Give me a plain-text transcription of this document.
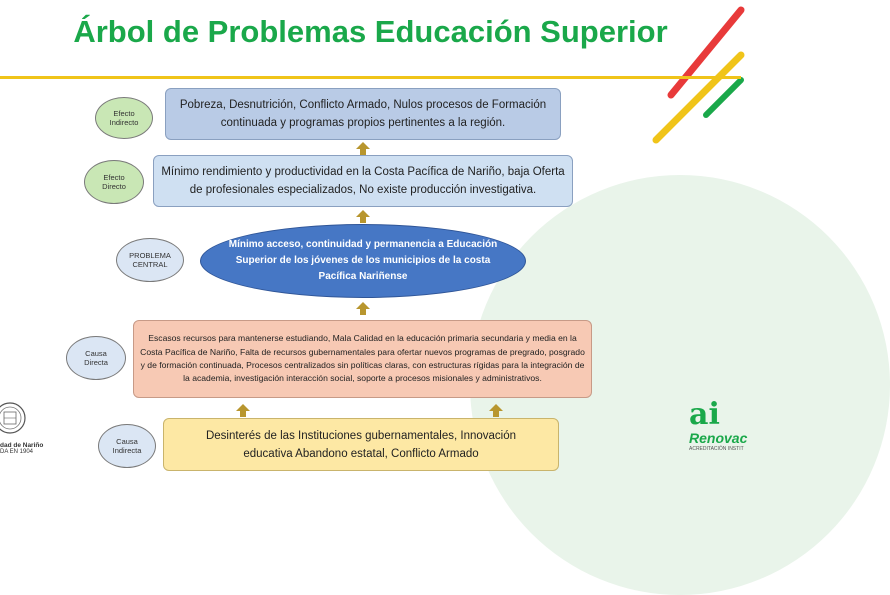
Árbol de Problemas Educación Superior
Efecto Indirecto
Efecto Directo
PROBLEMA CENTRAL
Causa Directa
Causa Indirecta
Pobreza, Desnutrición, Conflicto Armado, Nulos procesos de Formación continuada y programas propios pertinentes a la región.
Mínimo rendimiento y productividad en la Costa Pacífica de Nariño, baja Oferta de profesionales especializados, No existe producción investigativa.
Mínimo acceso, continuidad y permanencia a Educación Superior de los jóvenes de los municipios de la costa Pacífica Nariñense
Escasos recursos para mantenerse estudiando, Mala Calidad en la educación primaria secundaria y media en la Costa Pacífica de Nariño, Falta de recursos gubernamentales para ofertar nuevos programas de pregrado, posgrado y de formación continuada, Procesos centralizados sin políticas claras, con estructuras rígidas para la integración de la academia, investigación interacción social, soporte a procesos misionales y administrativos.
Desinterés de las Instituciones gubernamentales, Innovación educativa Abandono estatal, Conflicto Armado
dad de Nariño
DA EN 1904
ai
Renovac
ACREDITACIÓN INSTIT
